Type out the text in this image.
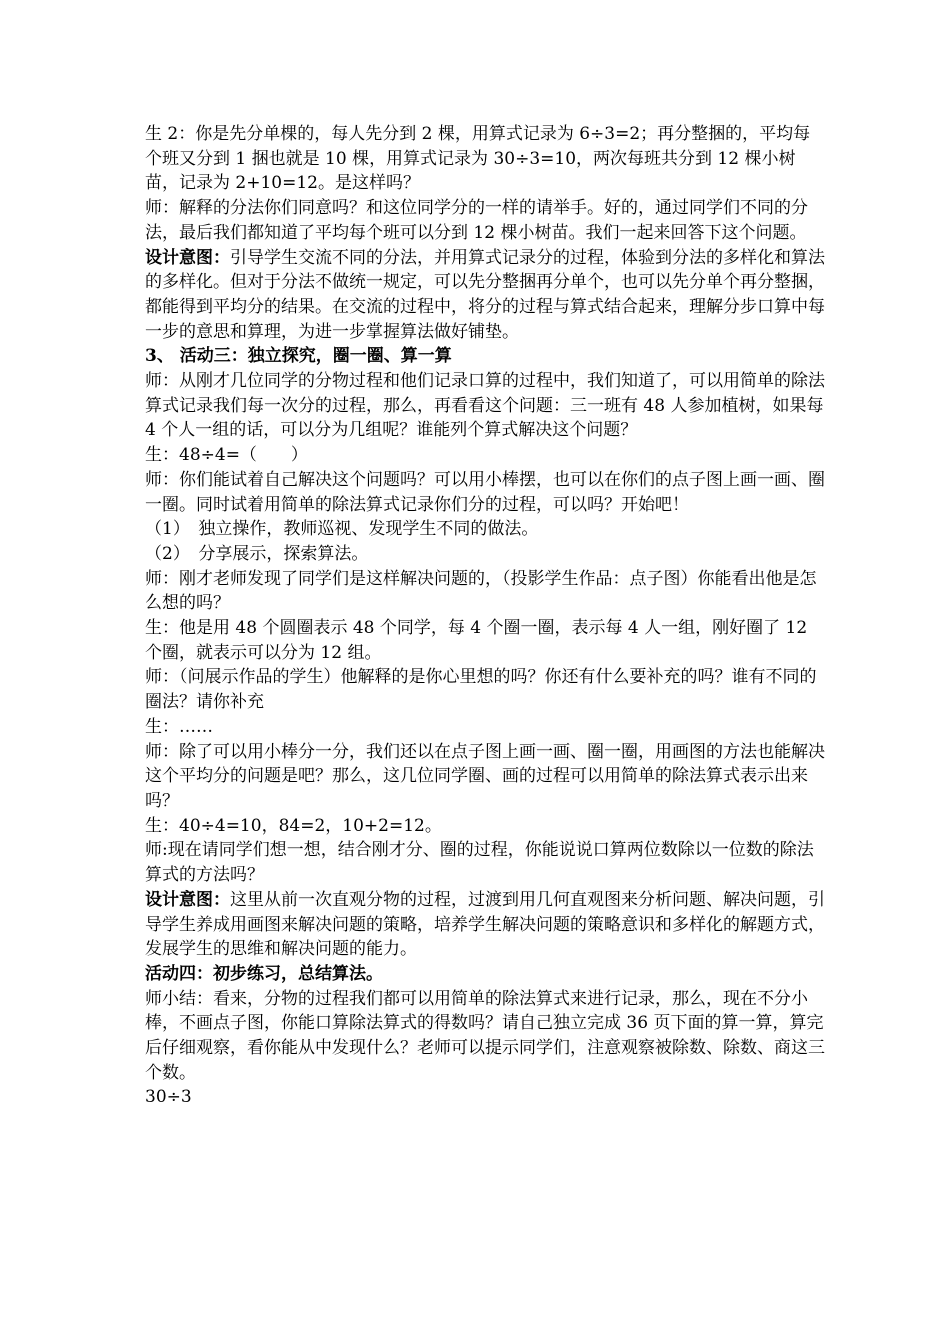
生 2：你是先分单棵的，每人先分到 2 棵，用算式记录为 6÷3=2；再分整捆的，平均每个班又分到 1 捆也就是 10 棵，用算式记录为 30÷3=10，两次每班共分到 12 棵小树苗，记录为 2+10=12。是这样吗？

师：解释的分法你们同意吗？和这位同学分的一样的请举手。好的，通过同学们不同的分法，最后我们都知道了平均每个班可以分到 12 棵小树苗。我们一起来回答下这个问题。

设计意图：引导学生交流不同的分法，并用算式记录分的过程，体验到分法的多样化和算法的多样化。但对于分法不做统一规定，可以先分整捆再分单个，也可以先分单个再分整捆，都能得到平均分的结果。在交流的过程中，将分的过程与算式结合起来，理解分步口算中每一步的意思和算理，为进一步掌握算法做好铺垫。

3、 活动三：独立探究，圈一圈、算一算

师：从刚才几位同学的分物过程和他们记录口算的过程中，我们知道了，可以用简单的除法算式记录我们每一次分的过程，那么，再看看这个问题：三一班有 48 人参加植树，如果每 4 个人一组的话，可以分为几组呢？谁能列个算式解决这个问题？

生：48÷4=（　　）

师：你们能试着自己解决这个问题吗？可以用小棒摆，也可以在你们的点子图上画一画、圈一圈。同时试着用简单的除法算式记录你们分的过程，可以吗？开始吧！

（1）　独立操作，教师巡视、发现学生不同的做法。

（2）　分享展示，探索算法。

师：刚才老师发现了同学们是这样解决问题的，（投影学生作品：点子图）你能看出他是怎么想的吗？

生：他是用 48 个圆圈表示 48 个同学，每 4 个圈一圈，表示每 4 人一组，刚好圈了 12 个圈，就表示可以分为 12 组。

师：（问展示作品的学生）他解释的是你心里想的吗？你还有什么要补充的吗？谁有不同的圈法？请你补充

生：……

师：除了可以用小棒分一分，我们还以在点子图上画一画、圈一圈，用画图的方法也能解决这个平均分的问题是吧？那么，这几位同学圈、画的过程可以用简单的除法算式表示出来吗？

生：40÷4=10，84=2，10+2=12。

师:现在请同学们想一想，结合刚才分、圈的过程，你能说说口算两位数除以一位数的除法算式的方法吗？

设计意图：这里从前一次直观分物的过程，过渡到用几何直观图来分析问题、解决问题，引导学生养成用画图来解决问题的策略，培养学生解决问题的策略意识和多样化的解题方式，发展学生的思维和解决问题的能力。

活动四：初步练习，总结算法。

师小结：看来，分物的过程我们都可以用简单的除法算式来进行记录，那么，现在不分小棒，不画点子图，你能口算除法算式的得数吗？请自己独立完成 36 页下面的算一算，算完后仔细观察，看你能从中发现什么？老师可以提示同学们，注意观察被除数、除数、商这三个数。

30÷3
